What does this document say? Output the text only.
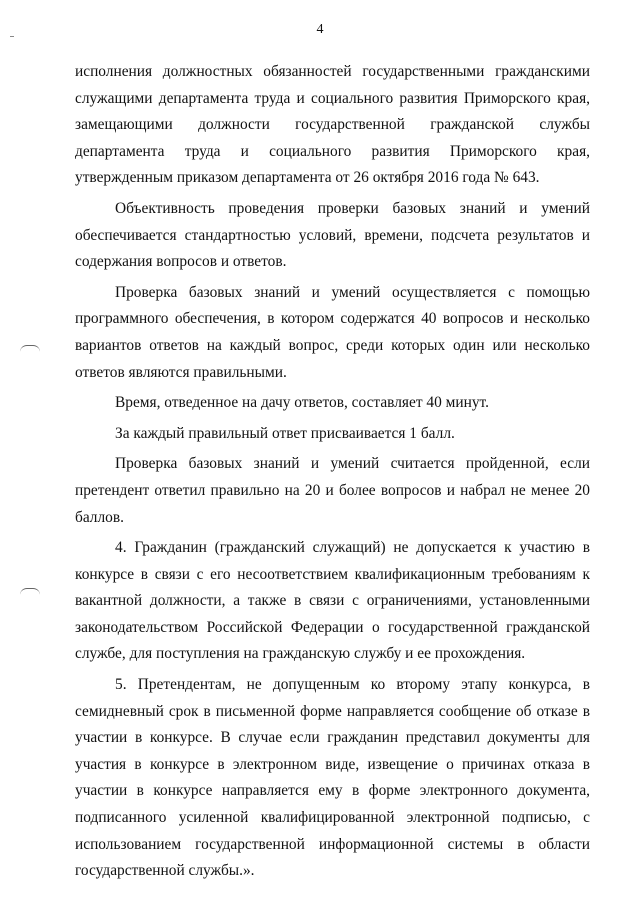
4

исполнения должностных обязанностей государственными гражданскими служащими департамента труда и социального развития Приморского края, замещающими должности государственной гражданской службы департамента труда и социального развития Приморского края, утвержденным приказом департамента от 26 октября 2016 года № 643.

Объективность проведения проверки базовых знаний и умений обеспечивается стандартностью условий, времени, подсчета результатов и содержания вопросов и ответов.

Проверка базовых знаний и умений осуществляется с помощью программного обеспечения, в котором содержатся 40 вопросов и несколько вариантов ответов на каждый вопрос, среди которых один или несколько ответов являются правильными.

Время, отведенное на дачу ответов, составляет 40 минут.

За каждый правильный ответ присваивается 1 балл.

Проверка базовых знаний и умений считается пройденной, если претендент ответил правильно на 20 и более вопросов и набрал не менее 20 баллов.

4. Гражданин (гражданский служащий) не допускается к участию в конкурсе в связи с его несоответствием квалификационным требованиям к вакантной должности, а также в связи с ограничениями, установленными законодательством Российской Федерации о государственной гражданской службе, для поступления на гражданскую службу и ее прохождения.

5. Претендентам, не допущенным ко второму этапу конкурса, в семидневный срок в письменной форме направляется сообщение об отказе в участии в конкурсе. В случае если гражданин представил документы для участия в конкурсе в электронном виде, извещение о причинах отказа в участии в конкурсе направляется ему в форме электронного документа, подписанного усиленной квалифицированной электронной подписью, с использованием государственной информационной системы в области государственной службы.».
